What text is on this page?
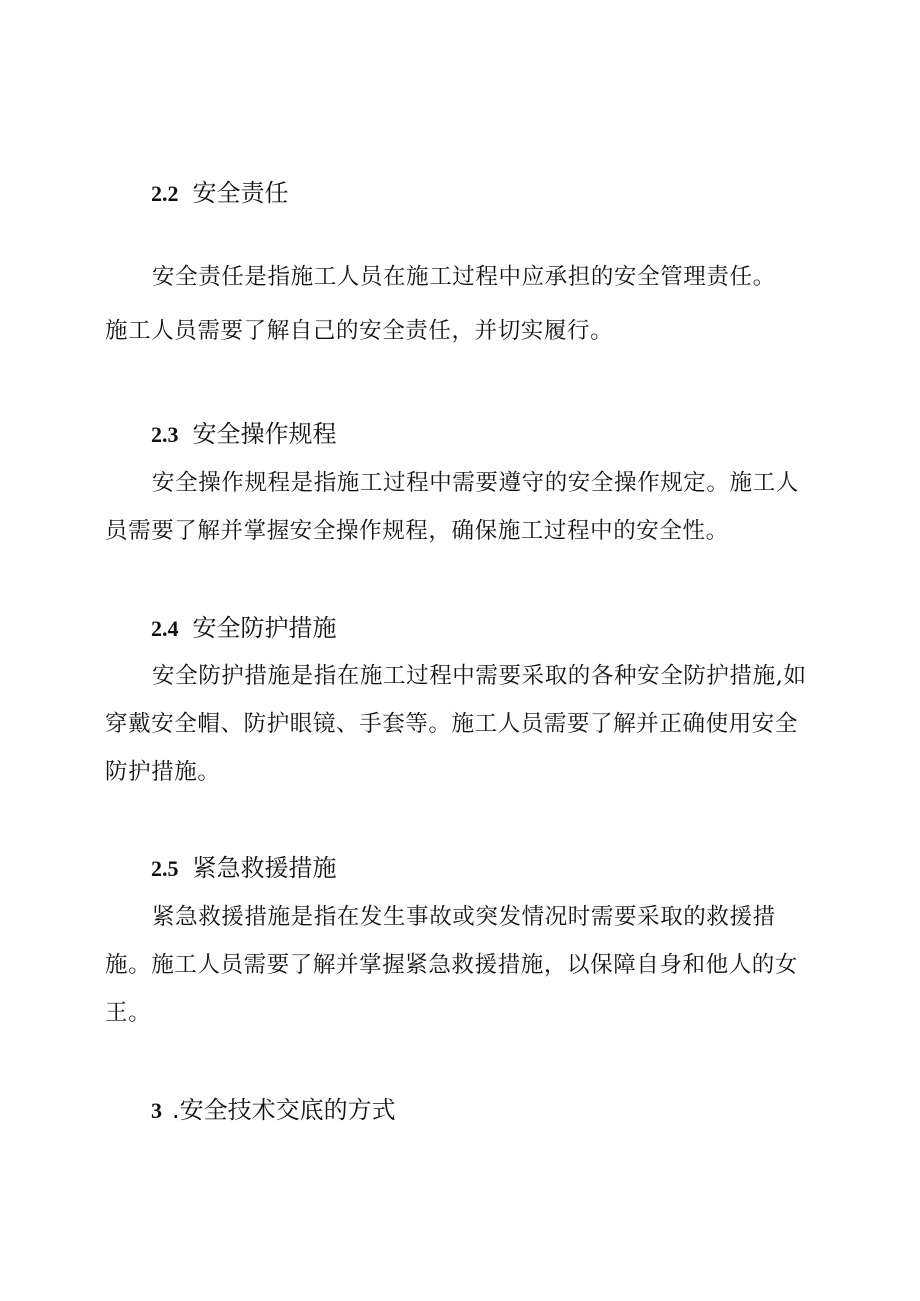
2.2 安全责任
安全责任是指施工人员在施工过程中应承担的安全管理责任。
施工人员需要了解自己的安全责任，并切实履行。
2.3 安全操作规程
安全操作规程是指施工过程中需要遵守的安全操作规定。施工人
员需要了解并掌握安全操作规程，确保施工过程中的安全性。
2.4 安全防护措施
安全防护措施是指在施工过程中需要采取的各种安全防护措施,如
穿戴安全帽、防护眼镜、手套等。施工人员需要了解并正确使用安全
防护措施。
2.5 紧急救援措施
紧急救援措施是指在发生事故或突发情况时需要采取的救援措
施。施工人员需要了解并掌握紧急救援措施，以保障自身和他人的女
王。
3 .安全技术交底的方式
